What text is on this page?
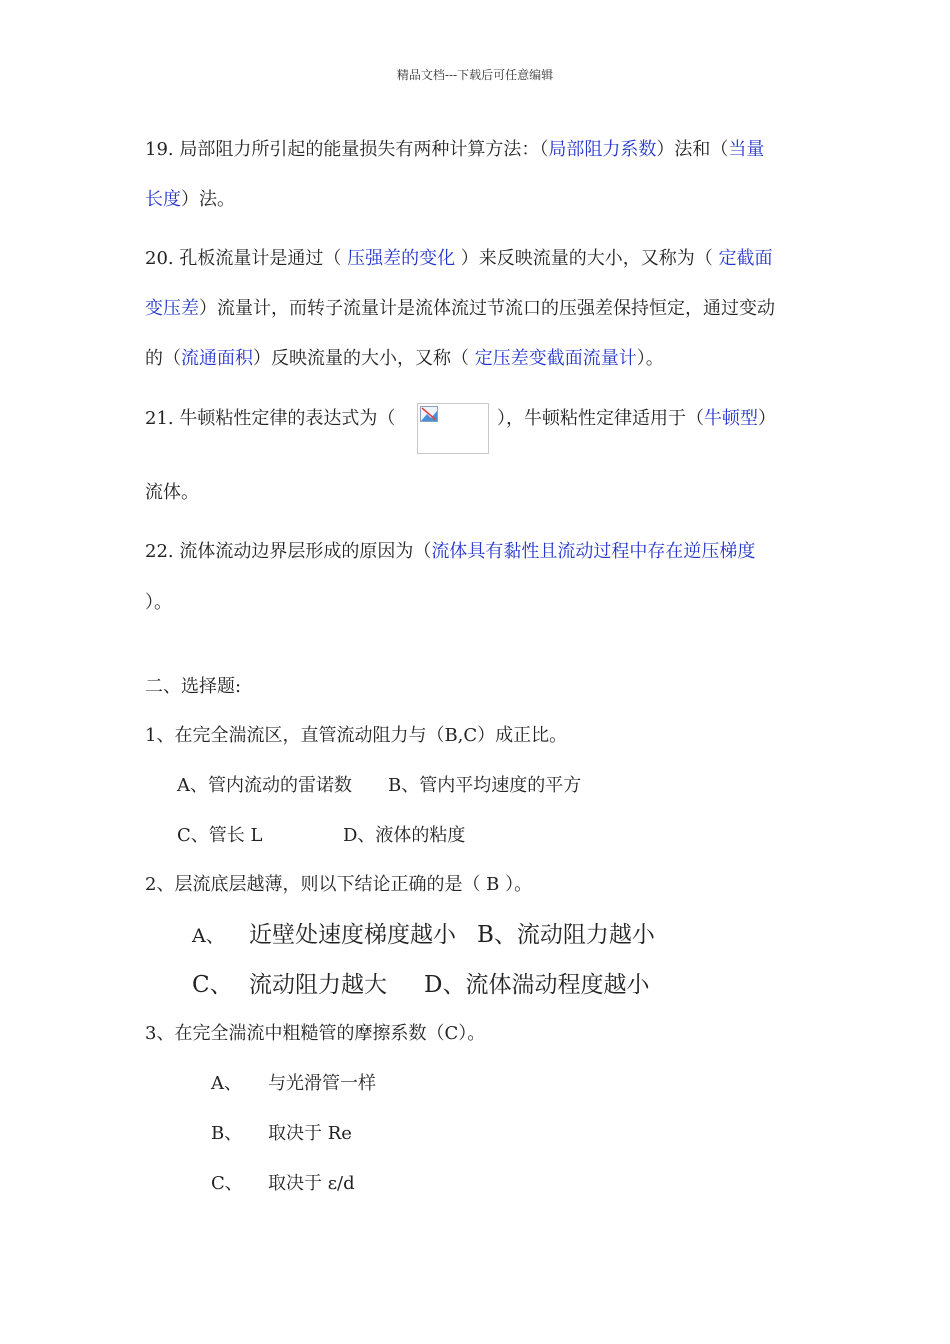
精品文档---下载后可任意编辑
19. 局部阻力所引起的能量损失有两种计算方法：（局部阻力系数）法和（当量
长度）法。
20. 孔板流量计是通过（ 压强差的变化 ）来反映流量的大小，又称为（ 定截面
变压差）流量计，而转子流量计是流体流过节流口的压强差保持恒定，通过变动
的（流通面积）反映流量的大小，又称（ 定压差变截面流量计）。
21. 牛顿粘性定律的表达式为（	），牛顿粘性定律适用于（牛顿型）
流体。
22. 流体流动边界层形成的原因为（流体具有黏性且流动过程中存在逆压梯度
）。
二、选择题:
1、在完全湍流区，直管流动阻力与（B,C）成正比。
A、管内流动的雷诺数 B、管内平均速度的平方
C、管长 L	D、液体的粘度
2、层流底层越薄，则以下结论正确的是（ B ）。
A、 近壁处速度梯度越小 B、流动阻力越小
C、 流动阻力越大 D、流体湍动程度越小
3、在完全湍流中粗糙管的摩擦系数（C）。
A、 与光滑管一样
B、 取决于 Re
C、 取决于 ε/d
